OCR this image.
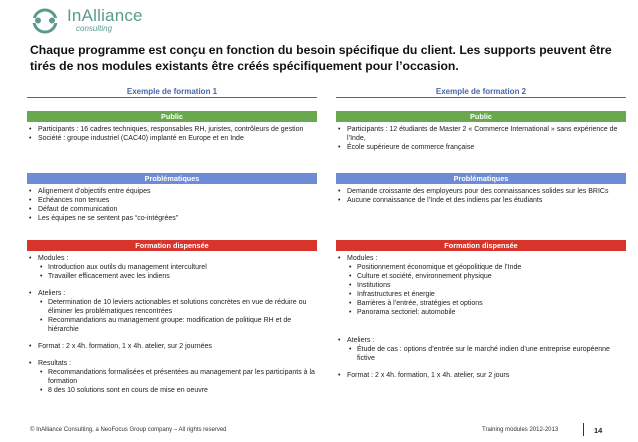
InAlliance
consulting
Chaque programme est conçu en fonction du besoin spécifique du client. Les supports peuvent être tirés de nos modules existants être créés spécifiquement pour l’occasion.
Exemple de formation 1
Public
• Participants : 16 cadres techniques, responsables RH, juristes, contrôleurs de gestion
• Société : groupe industriel (CAC40) implanté en Europe et en Inde
Problématiques
• Alignement d’objectifs entre équipes
• Echéances non tenues
• Défaut de communication
• Les équipes ne se sentent pas “co-intégrées”
Formation dispensée
• Modules :
• Introduction aux outils du management interculturel
• Travailler efficacement avec les indiens
• Ateliers :
• Determination de 10 leviers actionables et solutions concrètes en vue de réduire ou éliminer les problématiques rencontrées
• Recommandations au management groupe: modification de politique RH et de hiérarchie
• Format : 2 x 4h. formation, 1 x 4h. atelier, sur 2 journées
• Resultats :
• Recommandations formalisées et présentées au management par les participants à la formation
• 8 des 10 solutions sont en cours de mise en oeuvre
Exemple de formation 2
Public
• Participants : 12 étudiants de Master 2 « Commerce International » sans expérience de l’Inde,
• École supérieure de commerce française
Problématiques
• Demande croissante des employeurs pour des connaissances solides sur les BRICs
• Aucune connaissance de l’Inde et des indiens par les étudiants
Formation dispensée
• Modules :
• Positionnement économique et géopolitique de l’Inde
• Culture et société, environnement physique
• Institutions
• Infrastructures et énergie
• Barrières à l’entrée, stratégies et options
• Panorama sectoriel: automobile
• Ateliers :
• Étude de cas : options d’entrée sur le marché indien d’une entreprise européenne fictive
• Format : 2 x 4h. formation, 1 x 4h. atelier, sur 2 jours
© InAlliance Consulting, a NeoFocus Group company – All rights reserved	Training modules 2012-2013	14
